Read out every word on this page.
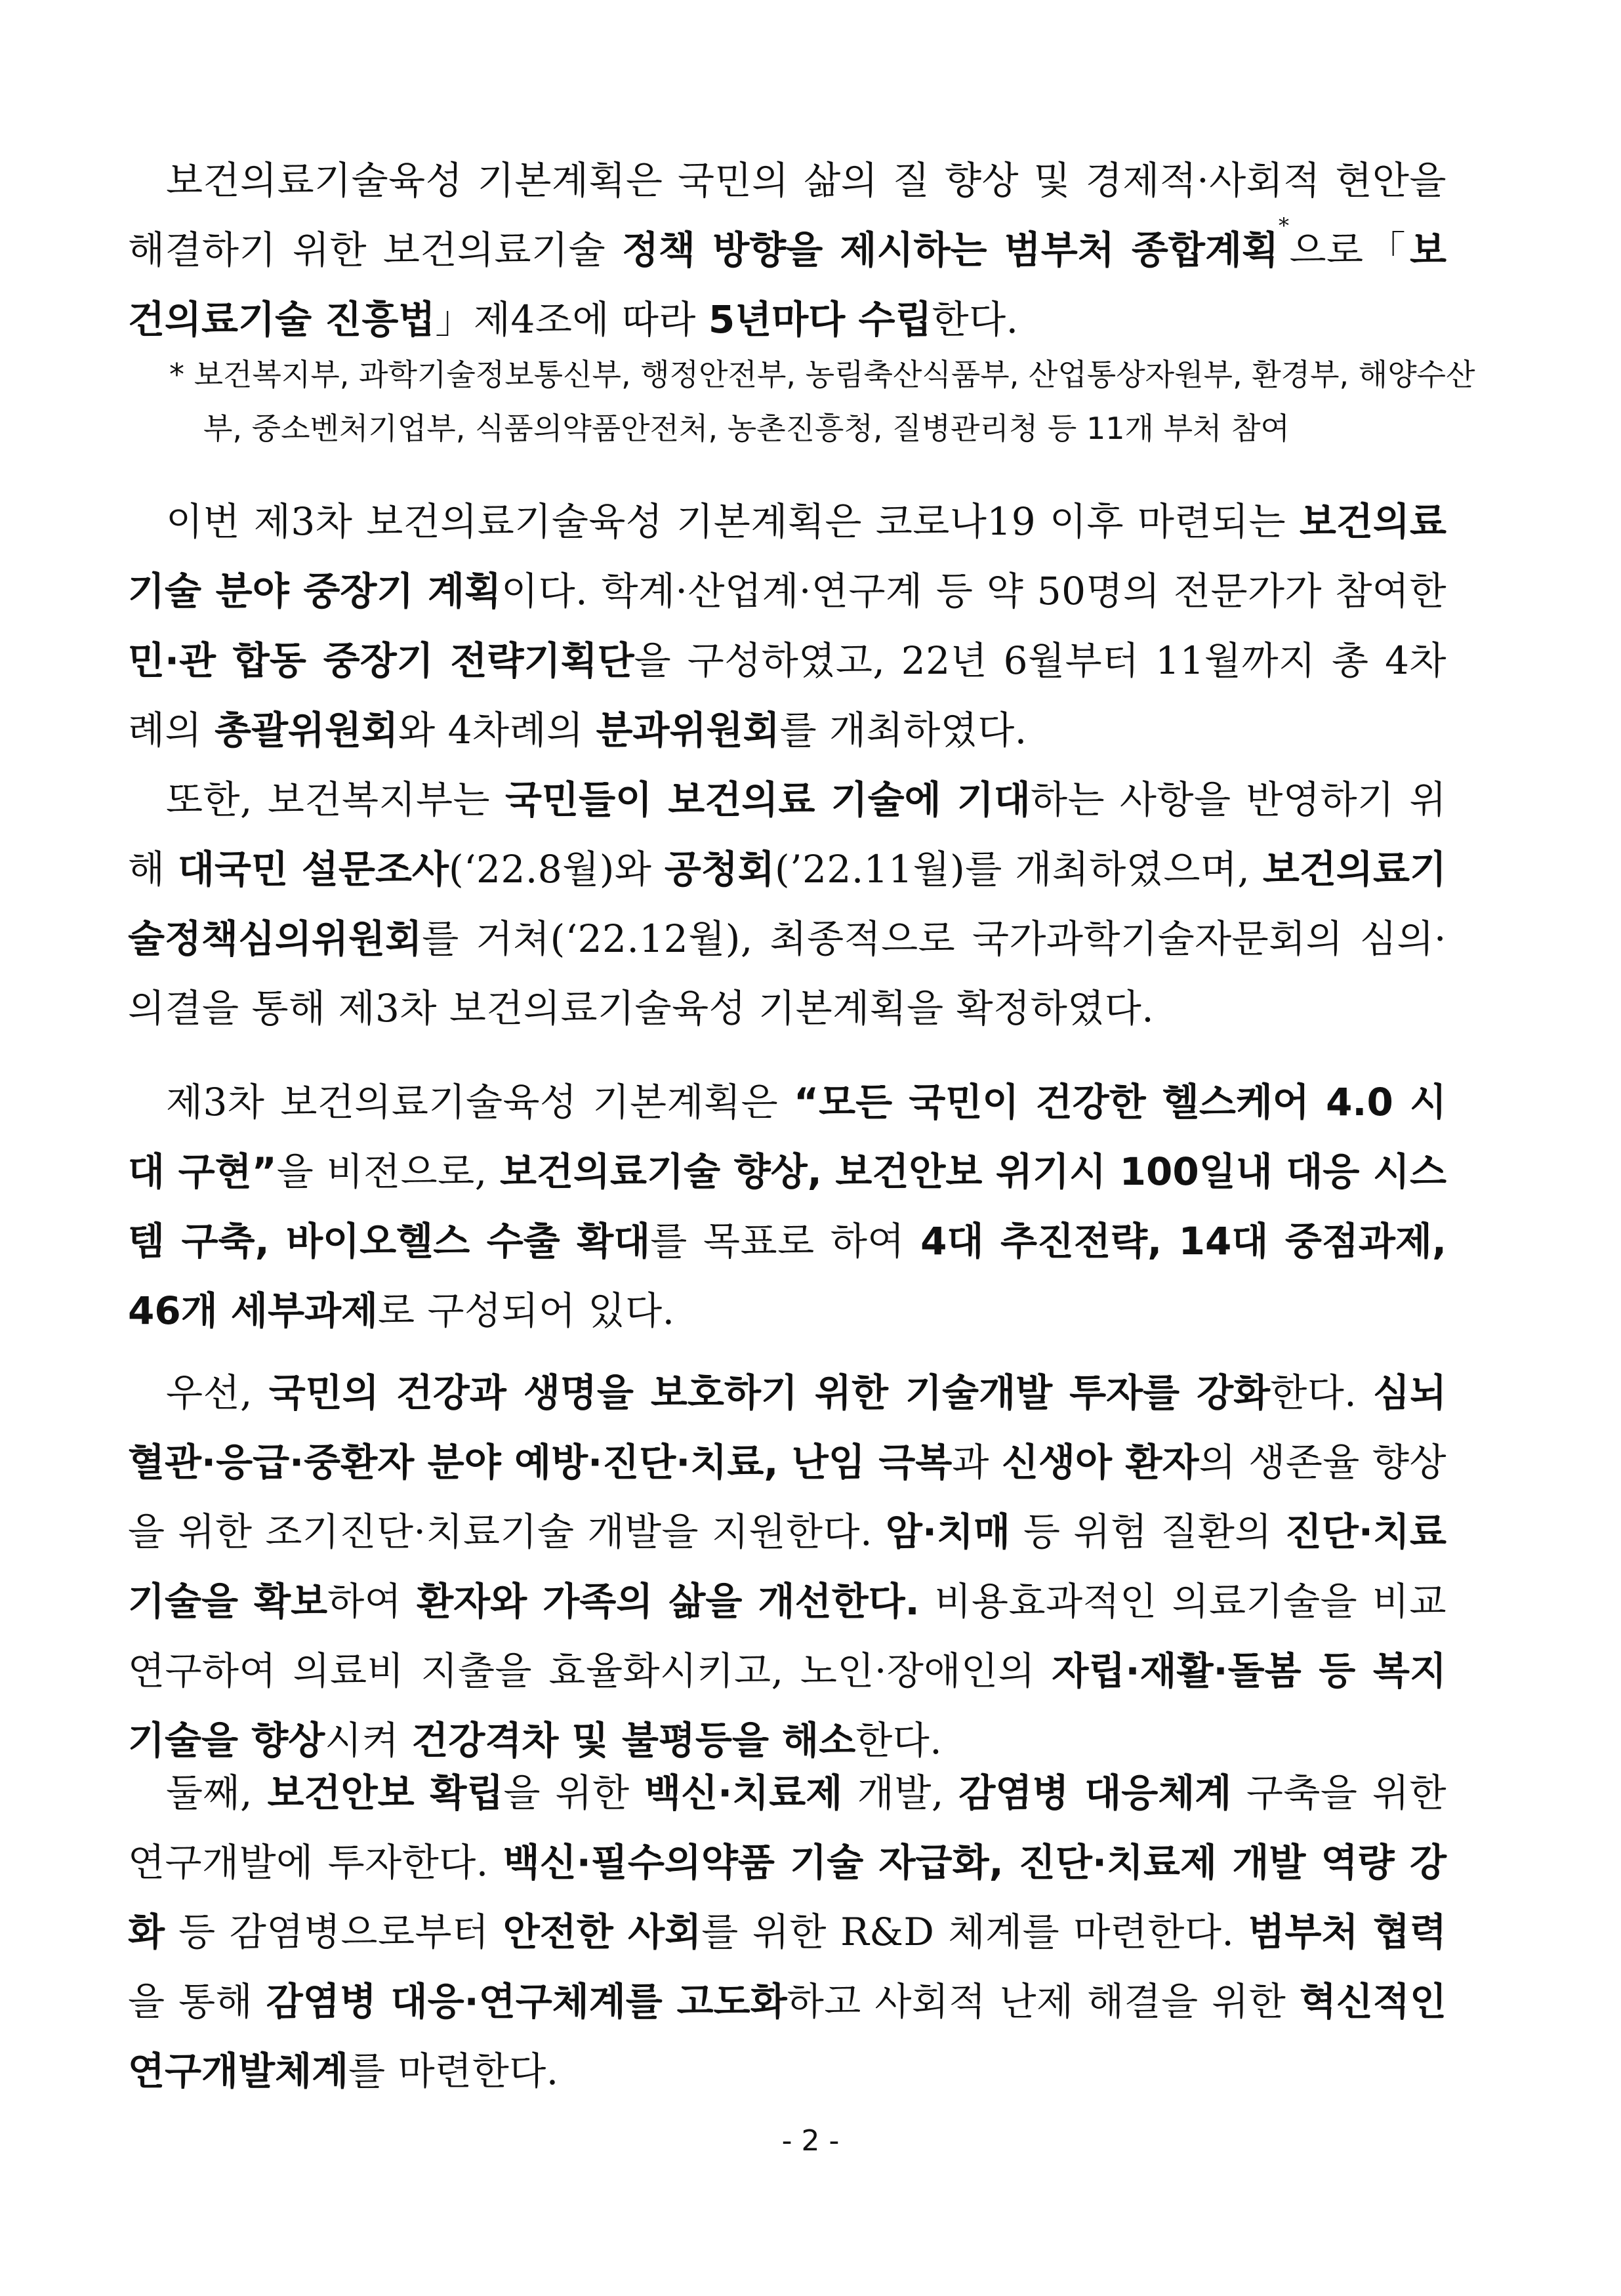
보건의료기술육성 기본계획은 국민의 삶의 질 향상 및 경제적·사회적 현안을 해결하기 위한 보건의료기술 정책 방향을 제시하는 범부처 종합계획*으로「보건의료기술 진흥법」제4조에 따라 5년마다 수립한다.

* 보건복지부, 과학기술정보통신부, 행정안전부, 농림축산식품부, 산업통상자원부, 환경부, 해양수산부, 중소벤처기업부, 식품의약품안전처, 농촌진흥청, 질병관리청 등 11개 부처 참여

이번 제3차 보건의료기술육성 기본계획은 코로나19 이후 마련되는 보건의료기술 분야 중장기 계획이다. 학계·산업계·연구계 등 약 50명의 전문가가 참여한 민·관 합동 중장기 전략기획단을 구성하였고, 22년 6월부터 11월까지 총 4차례의 총괄위원회와 4차례의 분과위원회를 개최하였다.

또한, 보건복지부는 국민들이 보건의료 기술에 기대하는 사항을 반영하기 위해 대국민 설문조사(‘22.8월)와 공청회(’22.11월)를 개최하였으며, 보건의료기술정책심의위원회를 거쳐(‘22.12월), 최종적으로 국가과학기술자문회의 심의·의결을 통해 제3차 보건의료기술육성 기본계획을 확정하였다.

제3차 보건의료기술육성 기본계획은 “모든 국민이 건강한 헬스케어 4.0 시대 구현”을 비전으로, 보건의료기술 향상, 보건안보 위기시 100일내 대응 시스템 구축, 바이오헬스 수출 확대를 목표로 하여 4대 추진전략, 14대 중점과제, 46개 세부과제로 구성되어 있다.

우선, 국민의 건강과 생명을 보호하기 위한 기술개발 투자를 강화한다. 심뇌혈관·응급·중환자 분야 예방·진단·치료, 난임 극복과 신생아 환자의 생존율 향상을 위한 조기진단·치료기술 개발을 지원한다. 암·치매 등 위험 질환의 진단·치료기술을 확보하여 환자와 가족의 삶을 개선한다. 비용효과적인 의료기술을 비교 연구하여 의료비 지출을 효율화시키고, 노인·장애인의 자립·재활·돌봄 등 복지기술을 향상시켜 건강격차 및 불평등을 해소한다.

둘째, 보건안보 확립을 위한 백신·치료제 개발, 감염병 대응체계 구축을 위한 연구개발에 투자한다. 백신·필수의약품 기술 자급화, 진단·치료제 개발 역량 강화 등 감염병으로부터 안전한 사회를 위한 R&D 체계를 마련한다. 범부처 협력을 통해 감염병 대응·연구체계를 고도화하고 사회적 난제 해결을 위한 혁신적인 연구개발체계를 마련한다.

- 2 -
